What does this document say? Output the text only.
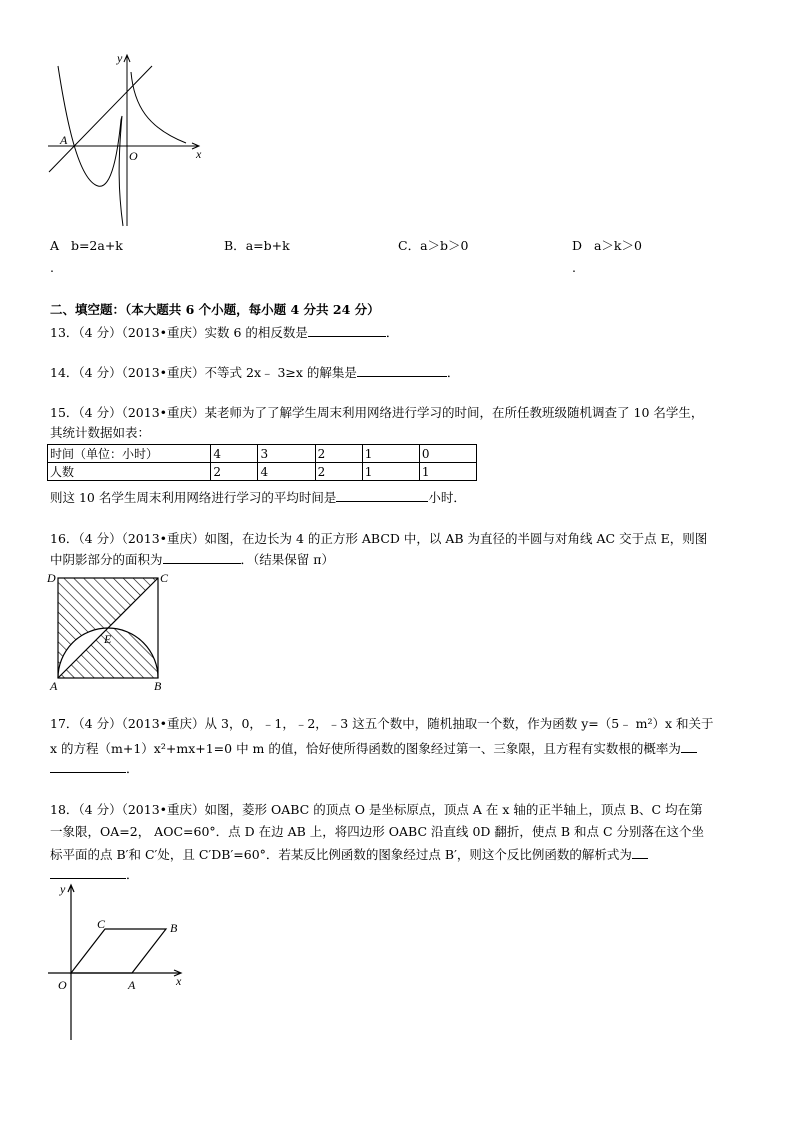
y
x
O
A
A b=2a+k
.
B．a=b+k	C．a＞b＞0	D a＞k＞0
.
二、填空题：（本大题共 6 个小题，每小题 4 分共 24 分）
13．（4 分）（2013•重庆）实数 6 的相反数是	．
14．（4 分）（2013•重庆）不等式 2x﹣ 3≥x 的解集是	．
15．（4 分）（2013•重庆）某老师为了了解学生周末利用网络进行学习的时间，在所任教班级随机调查了 10 名学生，
其统计数据如表：
时间（单位：小时）	4	3	2	1	0
人数	2	4	2	1	1
则这 10 名学生周末利用网络进行学习的平均时间是	小时．
16．（4 分）（2013•重庆）如图，在边长为 4 的正方形 ABCD 中，以 AB 为直径的半圆与对角线 AC 交于点 E，则图
中阴影部分的面积为	．（结果保留 π）
D	C
A	B
E
17．（4 分）（2013•重庆）从 3，0，﹣1，﹣2，﹣3 这五个数中，随机抽取一个数，作为函数 y=（5﹣ m²）x 和关于
x 的方程（m+1）x²+mx+1=0 中 m 的值，恰好使所得函数的图象经过第一、三象限，且方程有实数根的概率为
．
18．（4 分）（2013•重庆）如图，菱形 OABC 的顶点 O 是坐标原点，顶点 A 在 x 轴的正半轴上，顶点 B、C 均在第
一象限，OA=2， AOC=60°．点 D 在边 AB 上，将四边形 OABC 沿直线 0D 翻折，使点 B 和点 C 分别落在这个坐
标平面的点 B′和 C′处，且 C′DB′=60°．若某反比例函数的图象经过点 B′，则这个反比例函数的解析式为
．
y
x
O	A
B
C
